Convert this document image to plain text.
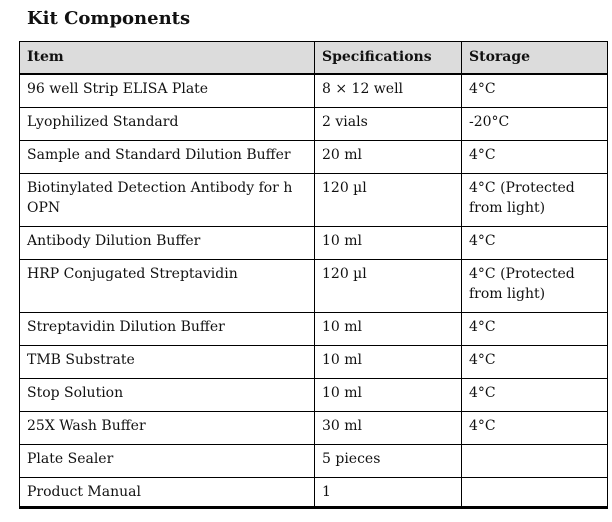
Kit Components
Item	Specifications	Storage
96 well Strip ELISA Plate	8 × 12 well	4°C
Lyophilized Standard	2 vials	-20°C
Sample and Standard Dilution Buffer	20 ml	4°C
Biotinylated Detection Antibody for h OPN	120 µl	4°C (Protected from light)
Antibody Dilution Buffer	10 ml	4°C
HRP Conjugated Streptavidin	120 µl	4°C (Protected from light)
Streptavidin Dilution Buffer	10 ml	4°C
TMB Substrate	10 ml	4°C
Stop Solution	10 ml	4°C
25X Wash Buffer	30 ml	4°C
Plate Sealer	5 pieces	
Product Manual	1	
